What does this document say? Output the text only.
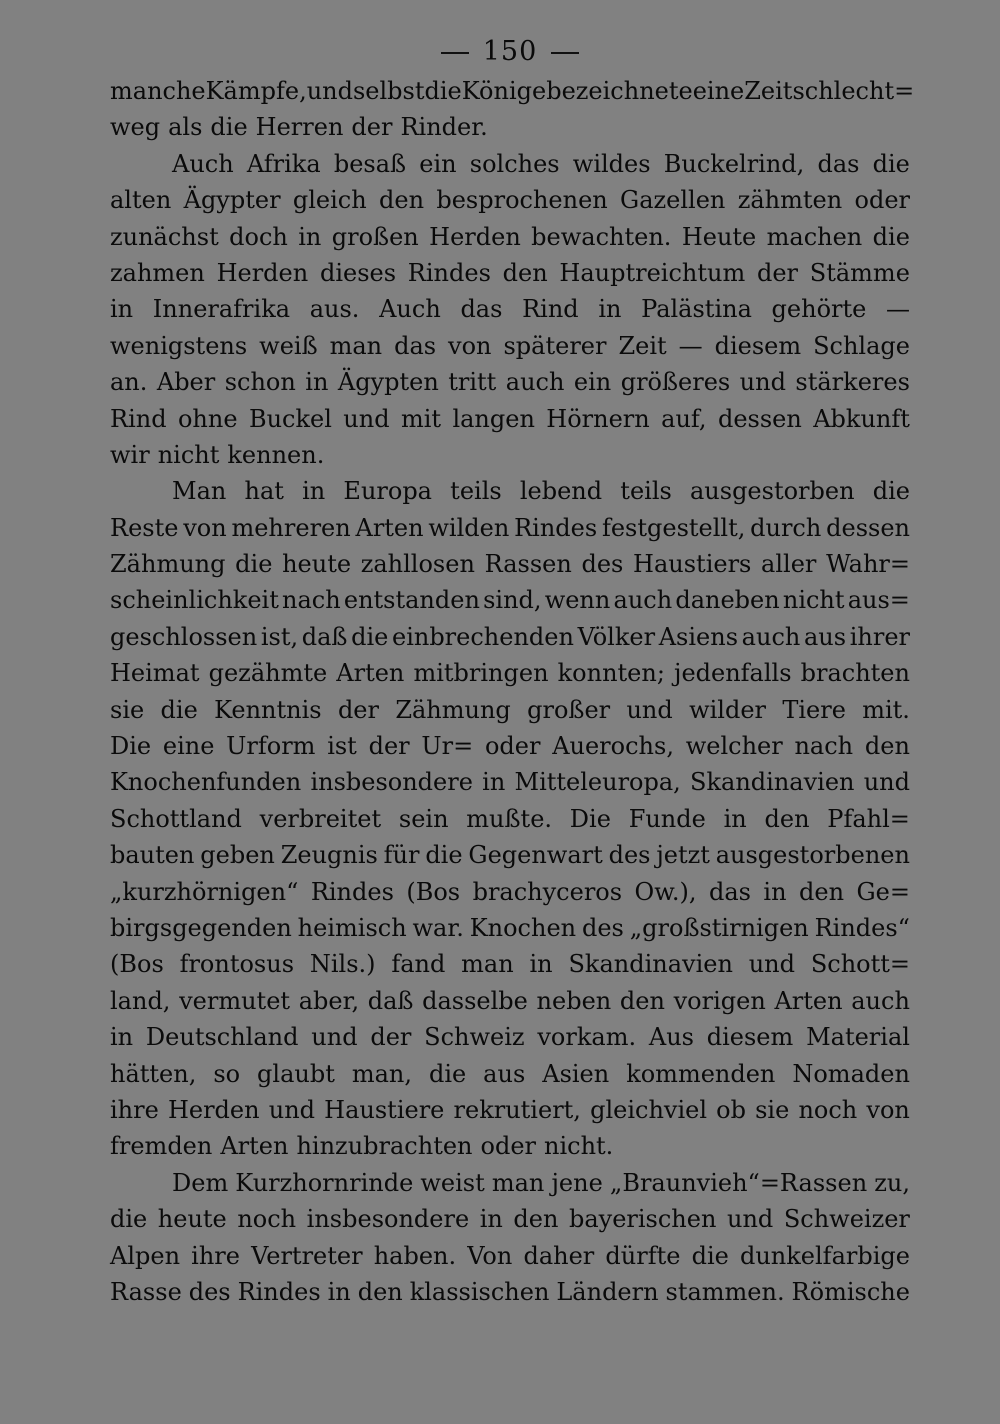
150
manche Kämpfe, und selbst die Könige bezeichnete eine Zeit schlecht=
weg als die Herren der Rinder.
Auch Afrika besaß ein solches wildes Buckelrind, das die
alten Ägypter gleich den besprochenen Gazellen zähmten oder
zunächst doch in großen Herden bewachten. Heute machen die
zahmen Herden dieses Rindes den Hauptreichtum der Stämme
in Innerafrika aus. Auch das Rind in Palästina gehörte —
wenigstens weiß man das von späterer Zeit — diesem Schlage
an. Aber schon in Ägypten tritt auch ein größeres und stärkeres
Rind ohne Buckel und mit langen Hörnern auf, dessen Abkunft
wir nicht kennen.
Man hat in Europa teils lebend teils ausgestorben die
Reste von mehreren Arten wilden Rindes festgestellt, durch dessen
Zähmung die heute zahllosen Rassen des Haustiers aller Wahr=
scheinlichkeit nach entstanden sind, wenn auch daneben nicht aus=
geschlossen ist, daß die einbrechenden Völker Asiens auch aus ihrer
Heimat gezähmte Arten mitbringen konnten; jedenfalls brachten
sie die Kenntnis der Zähmung großer und wilder Tiere mit.
Die eine Urform ist der Ur= oder Auerochs, welcher nach den
Knochenfunden insbesondere in Mitteleuropa, Skandinavien und
Schottland verbreitet sein mußte. Die Funde in den Pfahl=
bauten geben Zeugnis für die Gegenwart des jetzt ausgestorbenen
„kurzhörnigen“ Rindes (Bos brachyceros Ow.), das in den Ge=
birgsgegenden heimisch war. Knochen des „großstirnigen Rindes“
(Bos frontosus Nils.) fand man in Skandinavien und Schott=
land, vermutet aber, daß dasselbe neben den vorigen Arten auch
in Deutschland und der Schweiz vorkam. Aus diesem Material
hätten, so glaubt man, die aus Asien kommenden Nomaden
ihre Herden und Haustiere rekrutiert, gleichviel ob sie noch von
fremden Arten hinzubrachten oder nicht.
Dem Kurzhornrinde weist man jene „Braunvieh“=Rassen zu,
die heute noch insbesondere in den bayerischen und Schweizer
Alpen ihre Vertreter haben. Von daher dürfte die dunkelfarbige
Rasse des Rindes in den klassischen Ländern stammen. Römische
